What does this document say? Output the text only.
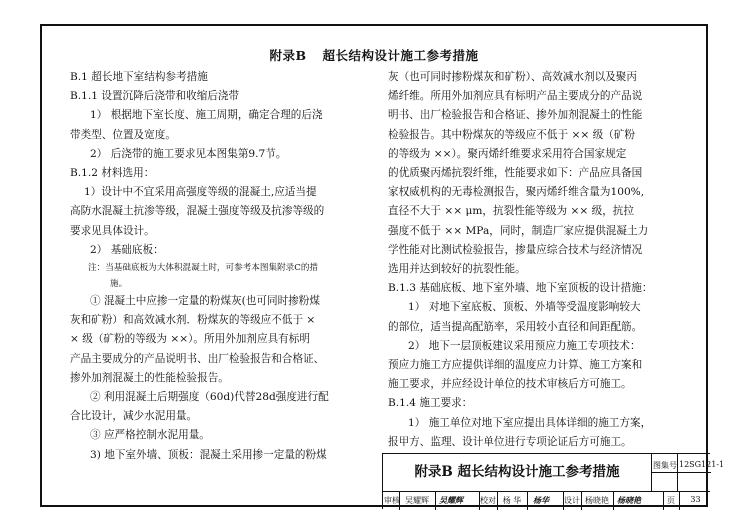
附录B 超长结构设计施工参考措施

B.1 超长地下室结构参考措施

B.1.1 设置沉降后浇带和收缩后浇带

1） 根据地下室长度、施工周期，确定合理的后浇

带类型、位置及宽度。

2） 后浇带的施工要求见本图集第9.7节。

B.1.2 材料选用：

1）设计中不宜采用高强度等级的混凝土,应适当提

高防水混凝土抗渗等级，混凝土强度等级及抗渗等级的

要求见具体设计。

2） 基础底板：

注：当基础底板为大体积混凝土时，可参考本图集附录C的措

施。

① 混凝土中应掺一定量的粉煤灰(也可同时掺粉煤

灰和矿粉）和高效减水剂．粉煤灰的等级应不低于 ×

× 级（矿粉的等级为 ××）。所用外加剂应具有标明

产品主要成分的产品说明书、出厂检验报告和合格证、

掺外加剂混凝土的性能检验报告。

② 利用混凝土后期强度（60d)代替28d强度进行配

合比设计，减少水泥用量。

③ 应严格控制水泥用量。

3) 地下室外墙、顶板：混凝土采用掺一定量的粉煤

灰（也可同时掺粉煤灰和矿粉）、高效减水剂以及聚丙

烯纤维。所用外加剂应具有标明产品主要成分的产品说

明书、出厂检验报告和合格证、掺外加剂混凝土的性能

检验报告。其中粉煤灰的等级应不低于 ×× 级（矿粉

的等级为 ××）。聚丙烯纤维要求采用符合国家规定

的优质聚丙烯抗裂纤维，性能要求如下：产品应具备国

家权威机构的无毒检测报告，聚丙烯纤维含量为100%,

直径不大于 ×× μm，抗裂性能等级为 ×× 级，抗拉

强度不低于 ×× MPa，同时，制造厂家应提供混凝土力

学性能对比测试检验报告，掺量应综合技术与经济情况

选用并达到较好的抗裂性能。

B.1.3 基础底板、地下室外墙、地下室顶板的设计措施：

1） 对地下室底板、顶板、外墙等受温度影响较大

的部位，适当提高配筋率，采用较小直径和间距配筋。

2） 地下一层顶板建议采用预应力施工专项技术：

预应力施工方应提供详细的温度应力计算、施工方案和

施工要求，并应经设计单位的技术审核后方可施工。

B.1.4 施工要求：

1） 施工单位对地下室应提出具体详细的施工方案，

报甲方、监理、设计单位进行专项论证后方可施工。

附录B 超长结构设计施工参考措施	图集号 12SG121-1
审核 吴耀辉	吴耀辉 校对 杨 华	杨华 设计 杨晓艳	杨晓艳	页	33
